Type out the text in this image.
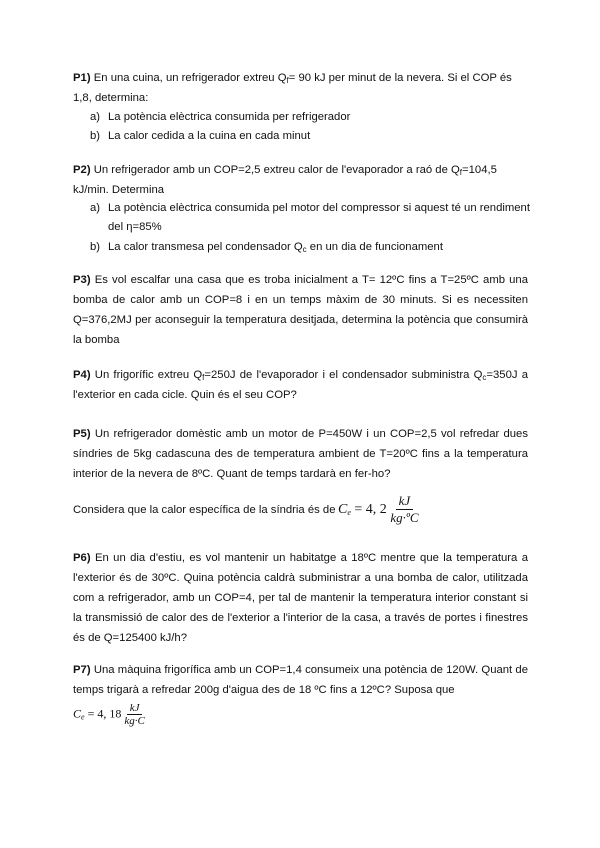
P1) En una cuina, un refrigerador extreu $Q_f= 90$ kJ per minut de la nevera. Si el COP és 1,8, determina:

a) La potència elèctrica consumida per refrigerador
b) La calor cedida a la cuina en cada minut

P2) Un refrigerador amb un COP=2,5 extreu calor de l'evaporador a raó de $Q_f=104,5$ kJ/min. Determina

a) La potència elèctrica consumida pel motor del compressor si aquest té un rendiment
del η=85%
b) La calor transmesa pel condensador $Q_c$ en un dia de funcionament

P3) Es vol escalfar una casa que es troba inicialment a T= 12ºC fins a T=25ºC amb una bomba de calor amb un COP=8 i en un temps màxim de 30 minuts. Si es necessiten Q=376,2MJ per aconseguir la temperatura desitjada, determina la potència que consumirà la bomba

P4) Un frigorífic extreu $Q_f=250J$ de l'evaporador i el condensador subministra $Q_c=350J$ a l'exterior en cada cicle. Quin és el seu COP?

P5) Un refrigerador domèstic amb un motor de P=450W i un COP=2,5 vol refredar dues síndries de 5kg cadascuna des de temperatura ambient de T=20ºC fins a la temperatura interior de la nevera de 8ºC. Quant de temps tardarà en fer-ho?

Considera que la calor específica de la síndria és de $C_e = 4$, $2 \frac{kJ}{\text{kg·ºC}}$

P6) En un dia d'estiu, es vol mantenir un habitatge a 18ºC mentre que la temperatura a l'exterior és de 30ºC. Quina potència caldrà subministrar a una bomba de calor, utilitzada com a refrigerador, amb un COP=4, per tal de mantenir la temperatura interior constant si la transmissió de calor des de l'exterior a l'interior de la casa, a través de portes i finestres és de Q=125400 kJ/h?

P7) Una màquina frigorífica amb un COP=1,4 consumeix una potència de 120W. Quant de temps trigarà a refredar 200g d'aigua des de 18 ºC fins a 12ºC? Suposa que

$C_e = 4$, $18 \frac{kJ}{kg\cdot C}$
